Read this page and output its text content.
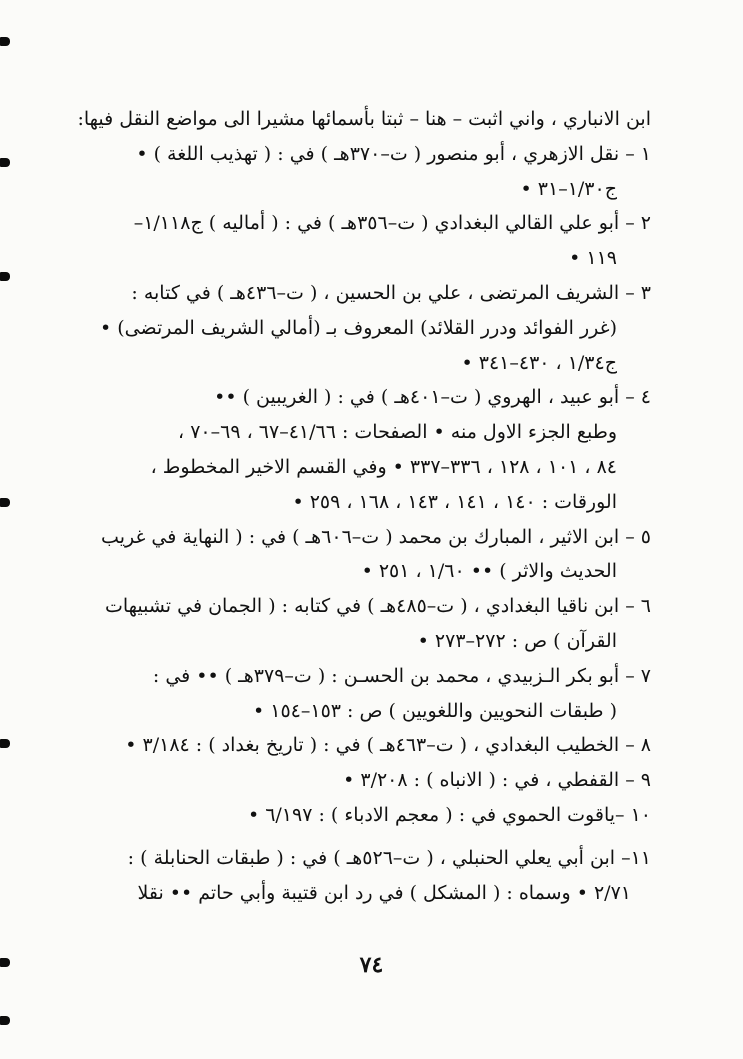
ابن الانباري ، واني اثبت – هنا – ثبتا بأسمائها مشيرا الى مواضع النقل فيها:
١ – نقل الازهري ، أبو منصور ( ت–٣٧٠هـ ) في : ( تهذيب اللغة ) •
ج١/٣٠–٣١ •
٢ – أبو علي القالي البغدادي ( ت–٣٥٦هـ ) في : ( أماليه ) ج١/١١٨–
١١٩ •
٣ – الشريف المرتضى ، علي بن الحسين ، ( ت–٤٣٦هـ ) في كتابه :
(غرر الفوائد ودرر القلائد) المعروف بـ (أمالي الشريف المرتضى) •
ج١/٣٤ ، ٤٣٠–٣٤١ •
٤ – أبو عبيد ، الهروي ( ت–٤٠١هـ ) في : ( الغريبين ) ••
وطبع الجزء الاول منه • الصفحات : ٤١/٦٦–٦٧ ، ٦٩–٧٠ ،
٨٤ ، ١٠١ ، ١٢٨ ، ٣٣٦–٣٣٧ • وفي القسم الاخير المخطوط ،
الورقات : ١٤٠ ، ١٤١ ، ١٤٣ ، ١٦٨ ، ٢٥٩ •
٥ – ابن الاثير ، المبارك بن محمد ( ت–٦٠٦هـ ) في : ( النهاية في غريب
الحديث والاثر ) •• ١/٦٠ ، ٢٥١ •
٦ – ابن ناقيا البغدادي ، ( ت–٤٨٥هـ ) في كتابه : ( الجمان في تشبيهات
القرآن ) ص : ٢٧٢–٢٧٣ •
٧ – أبو بكر الـزبيدي ، محمد بن الحسـن : ( ت–٣٧٩هـ ) •• في :
( طبقات النحويين واللغويين ) ص : ١٥٣–١٥٤ •
٨ – الخطيب البغدادي ، ( ت–٤٦٣هـ ) في : ( تاريخ بغداد ) : ٣/١٨٤ •
٩ – القفطي ، في : ( الانباه ) : ٣/٢٠٨ •
١٠ –ياقوت الحموي في : ( معجم الادباء ) : ٦/١٩٧ •
١١– ابن أبي يعلي الحنبلي ، ( ت–٥٢٦هـ ) في : ( طبقات الحنابلة ) :
٢/٧١ • وسماه : ( المشكل ) في رد ابن قتيبة وأبي حاتم •• نقلا
٧٤
